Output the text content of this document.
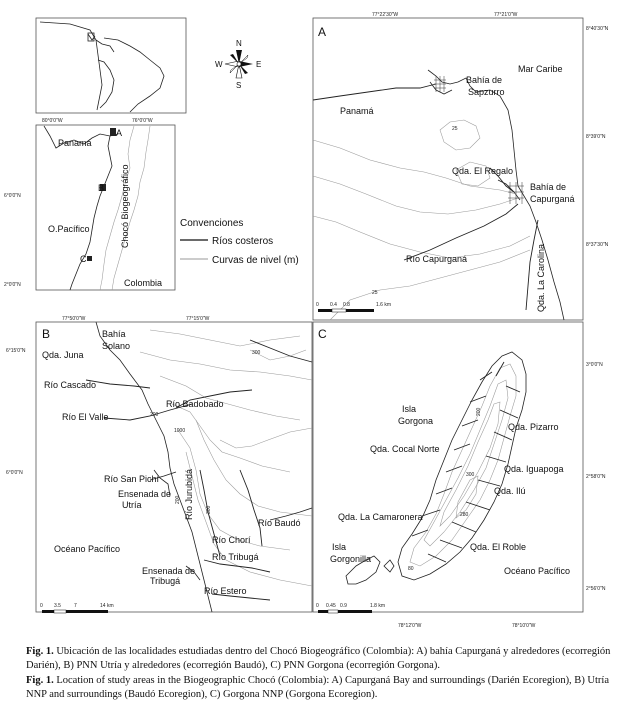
N
S
E
W
80°0'0"W	76°0'0"W
6°0'0"N
2°0'0"N
Panamá
O.Pacífico
Colombia
Chocó Biogeográfico
A
B
C
Convenciones
Ríos costeros
Curvas de nivel (m)
A
77°22'30"W	77°21'0"W
8°40'30"N
8°39'0"N
8°37'30"N
Mar Caribe
Bahía de
Sapzurro
Panamá
25
Qda. El Regalo
Bahía de
Capurganá
Río Capurganá	Qda. La Carolina
25
0 0.4 0.8	1.6 km
B
77°50'0"W	77°15'0"W
6°15'0"N
6°0'0"N
Bahía
Solano
Qda. Juna
Río Cascado
Río El Valle
Río Badobado
Río San Pichí
Ensenada de
Utría	Río Jurubidá
Río Baudó
Río Chorí
Río Tribugá
Océano Pacífico
Ensenada de
Tribugá
Río Estero
300
200
1000
200
300
0 3.5	7	14 km
C
78°12'0"W	78°10'0"W
3°0'0"N
2°58'0"N
2°56'0"N
Isla
Gorgona
Qda. Pizarro
Qda. Cocal Norte
Qda. Iguapoga
Qda. Ilú
Qda. La Camaronera
Isla
Gorgonilla
Qda. El Roble
Océano Pacífico
300
280
200
80
0 0.45 0.9	1.8 km
Fig. 1. Ubicación de las localidades estudiadas dentro del Chocó Biogeográfico (Colombia): A) bahía Capurganá y alrededores (ecorregión Darién), B) PNN Utría y alrededores (ecorregión Baudó), C) PNN Gorgona (ecorregión Gorgona).
Fig. 1. Location of study areas in the Biogeographic Chocó (Colombia): A) Capurganá Bay and surroundings (Darién Ecoregion), B) Utría NNP and surroundings (Baudó Ecoregion), C) Gorgona NNP (Gorgona Ecoregion).
